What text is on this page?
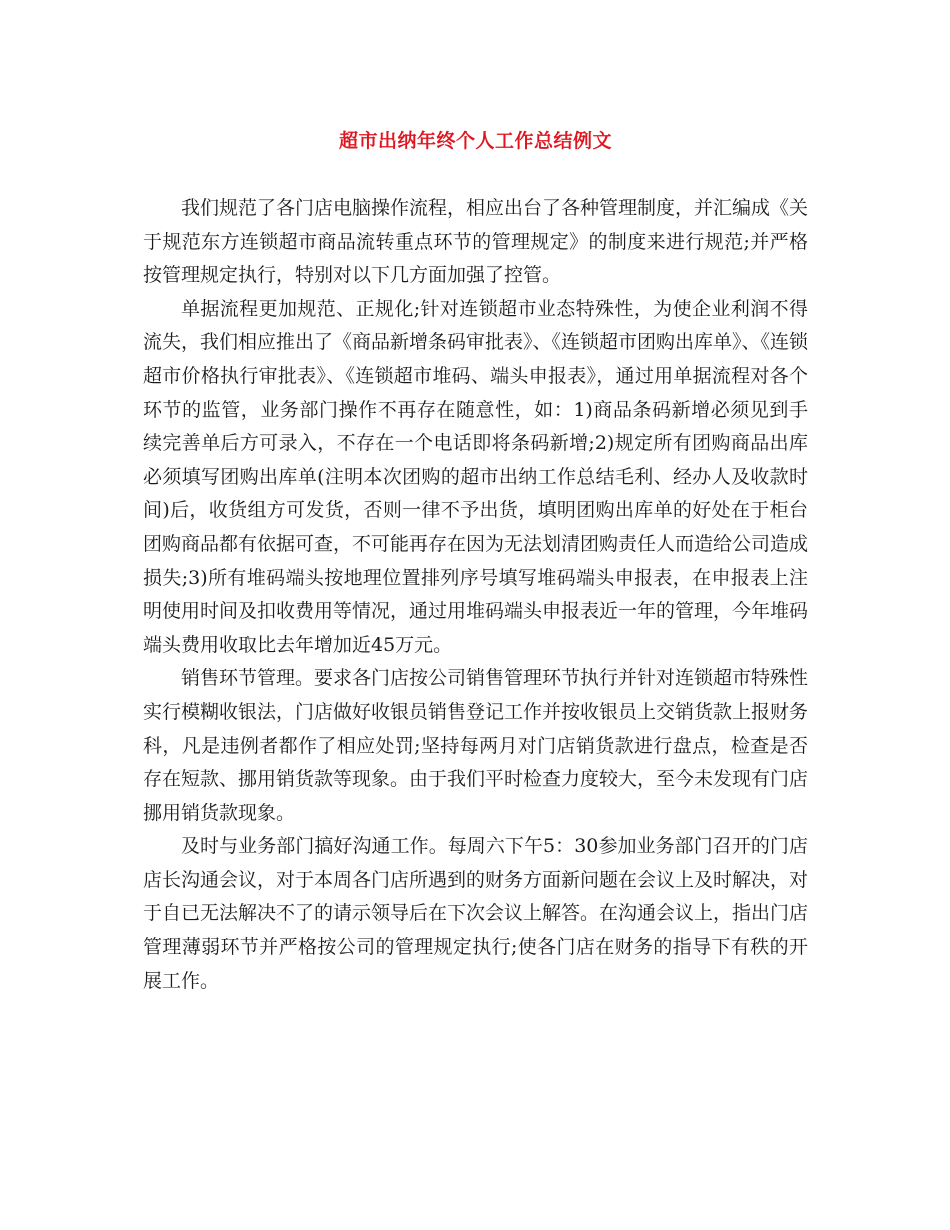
超市出纳年终个人工作总结例文

我们规范了各门店电脑操作流程，相应出台了各种管理制度，并汇编成《关于规范东方连锁超市商品流转重点环节的管理规定》的制度来进行规范;并严格按管理规定执行，特别对以下几方面加强了控管。

单据流程更加规范、正规化;针对连锁超市业态特殊性，为使企业利润不得流失，我们相应推出了《商品新增条码审批表》、《连锁超市团购出库单》、《连锁超市价格执行审批表》、《连锁超市堆码、端头申报表》，通过用单据流程对各个环节的监管，业务部门操作不再存在随意性，如：1)商品条码新增必须见到手续完善单后方可录入，不存在一个电话即将条码新增;2)规定所有团购商品出库必须填写团购出库单(注明本次团购的超市出纳工作总结毛利、经办人及收款时间)后，收货组方可发货，否则一律不予出货，填明团购出库单的好处在于柜台团购商品都有依据可查，不可能再存在因为无法划清团购责任人而造给公司造成损失;3)所有堆码端头按地理位置排列序号填写堆码端头申报表，在申报表上注明使用时间及扣收费用等情况，通过用堆码端头申报表近一年的管理，今年堆码端头费用收取比去年增加近45万元。

销售环节管理。要求各门店按公司销售管理环节执行并针对连锁超市特殊性实行模糊收银法，门店做好收银员销售登记工作并按收银员上交销货款上报财务科，凡是违例者都作了相应处罚;坚持每两月对门店销货款进行盘点，检查是否存在短款、挪用销货款等现象。由于我们平时检查力度较大，至今未发现有门店挪用销货款现象。

及时与业务部门搞好沟通工作。每周六下午5：30参加业务部门召开的门店店长沟通会议，对于本周各门店所遇到的财务方面新问题在会议上及时解决，对于自已无法解决不了的请示领导后在下次会议上解答。在沟通会议上，指出门店管理薄弱环节并严格按公司的管理规定执行;使各门店在财务的指导下有秩的开展工作。
